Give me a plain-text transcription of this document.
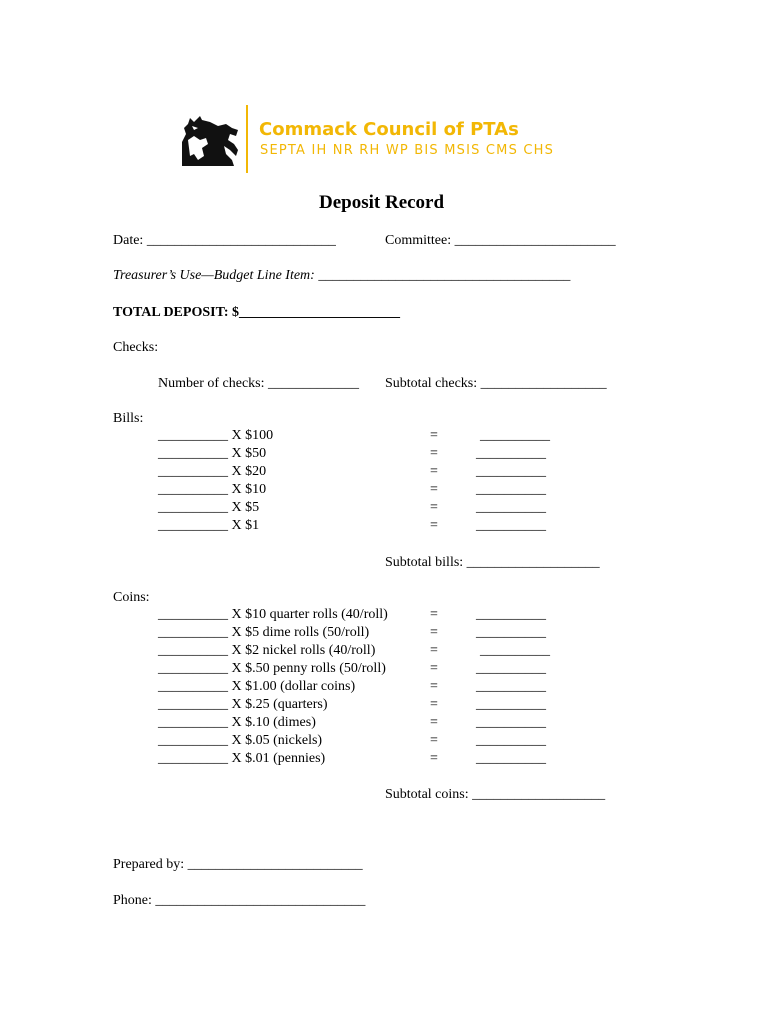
Commack Council of PTAs
SEPTA IH NR RH WP BIS MSIS CMS CHS
Deposit Record
Date: ___________________________	Committee: _______________________
Treasurer’s Use—Budget Line Item: ____________________________________
TOTAL DEPOSIT: $_______________________
Checks:
Number of checks: _____________ Subtotal checks: __________________
Bills:
__________ X $100	=	__________
__________ X $50	=	__________
__________ X $20	=	__________
__________ X $10	=	__________
__________ X $5	=	__________
__________ X $1	=	__________
Subtotal bills: ___________________
Coins:
__________ X $10 quarter rolls (40/roll)	=	__________
__________ X $5 dime rolls (50/roll)	=	__________
__________ X $2 nickel rolls (40/roll)	=	__________
__________ X $.50 penny rolls (50/roll)	=	__________
__________ X $1.00 (dollar coins)	=	__________
__________ X $.25 (quarters)	=	__________
__________ X $.10 (dimes)	=	__________
__________ X $.05 (nickels)	=	__________
__________ X $.01 (pennies)	=	__________
Subtotal coins: ___________________
Prepared by: _________________________
Phone: ______________________________
